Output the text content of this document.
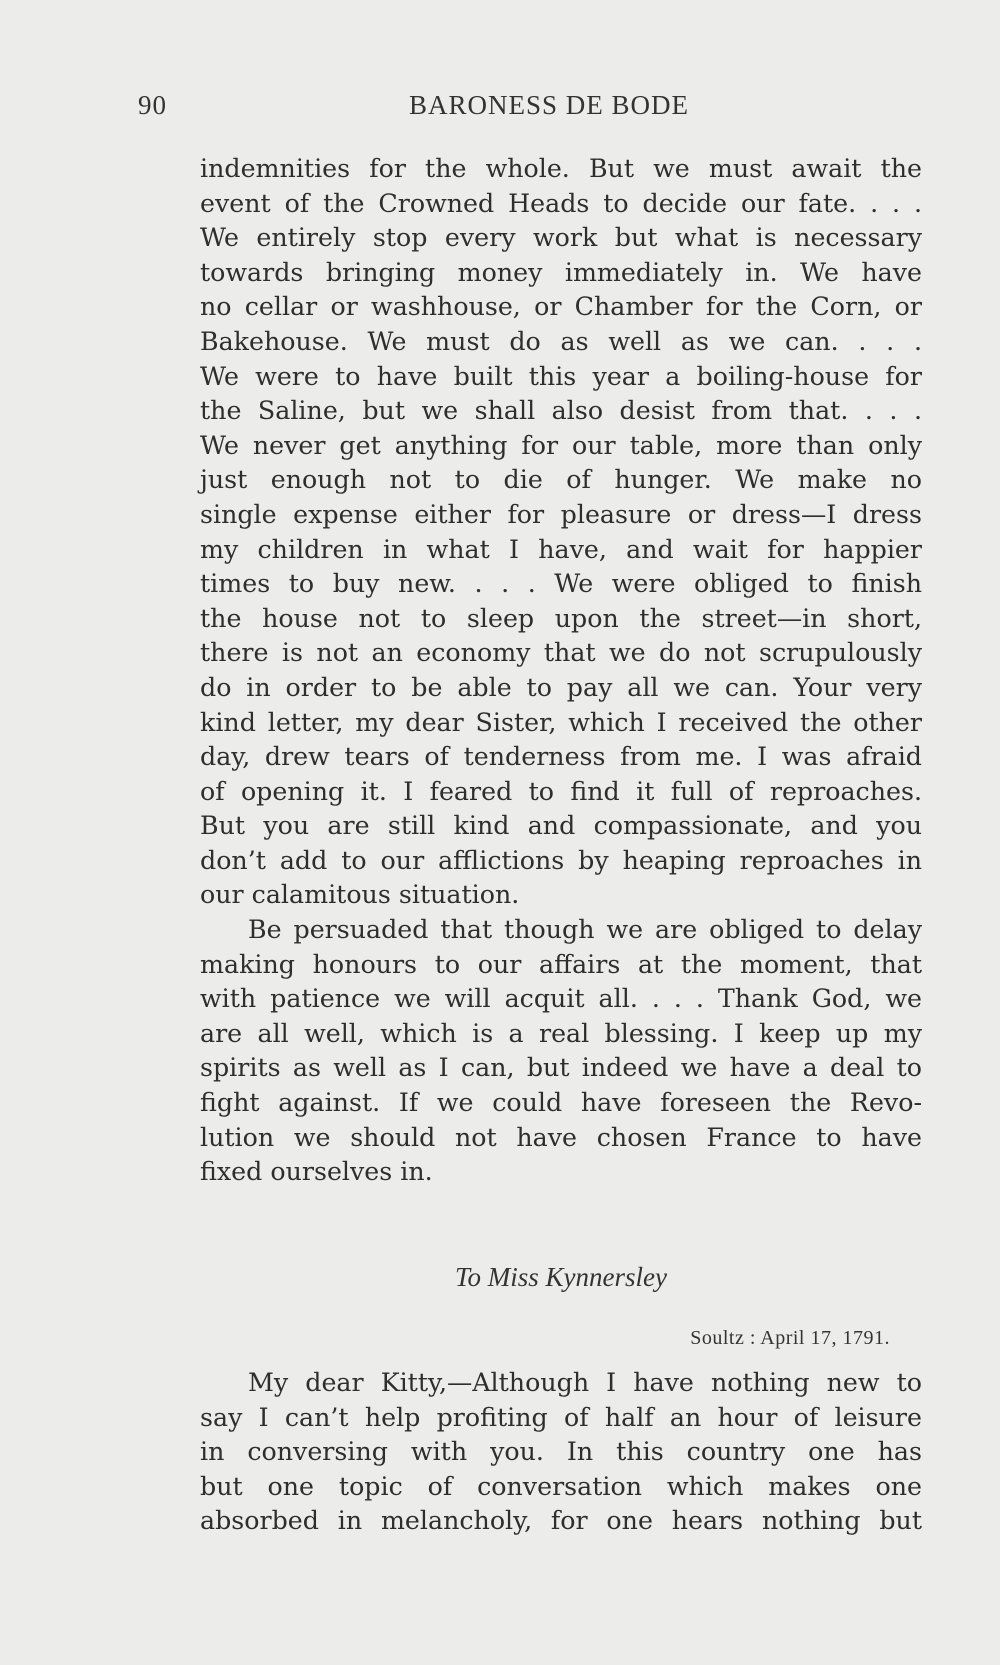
90	BARONESS DE BODE
indemnities for the whole. But we must await the
event of the Crowned Heads to decide our fate. . . .
We entirely stop every work but what is necessary
towards bringing money immediately in. We have
no cellar or washhouse, or Chamber for the Corn, or
Bakehouse. We must do as well as we can. . . .
We were to have built this year a boiling-house for
the Saline, but we shall also desist from that. . . .
We never get anything for our table, more than only
just enough not to die of hunger. We make no
single expense either for pleasure or dress—I dress
my children in what I have, and wait for happier
times to buy new. . . . We were obliged to finish
the house not to sleep upon the street—in short,
there is not an economy that we do not scrupulously
do in order to be able to pay all we can. Your very
kind letter, my dear Sister, which I received the other
day, drew tears of tenderness from me. I was afraid
of opening it. I feared to find it full of reproaches.
But you are still kind and compassionate, and you
don’t add to our afflictions by heaping reproaches in
our calamitous situation.
Be persuaded that though we are obliged to delay
making honours to our affairs at the moment, that
with patience we will acquit all. . . . Thank God, we
are all well, which is a real blessing. I keep up my
spirits as well as I can, but indeed we have a deal to
fight against. If we could have foreseen the Revo-
lution we should not have chosen France to have
fixed ourselves in.
To Miss Kynnersley
Soultz : April 17, 1791.
My dear Kitty,—Although I have nothing new to
say I can’t help profiting of half an hour of leisure
in conversing with you. In this country one has
but one topic of conversation which makes one
absorbed in melancholy, for one hears nothing but
